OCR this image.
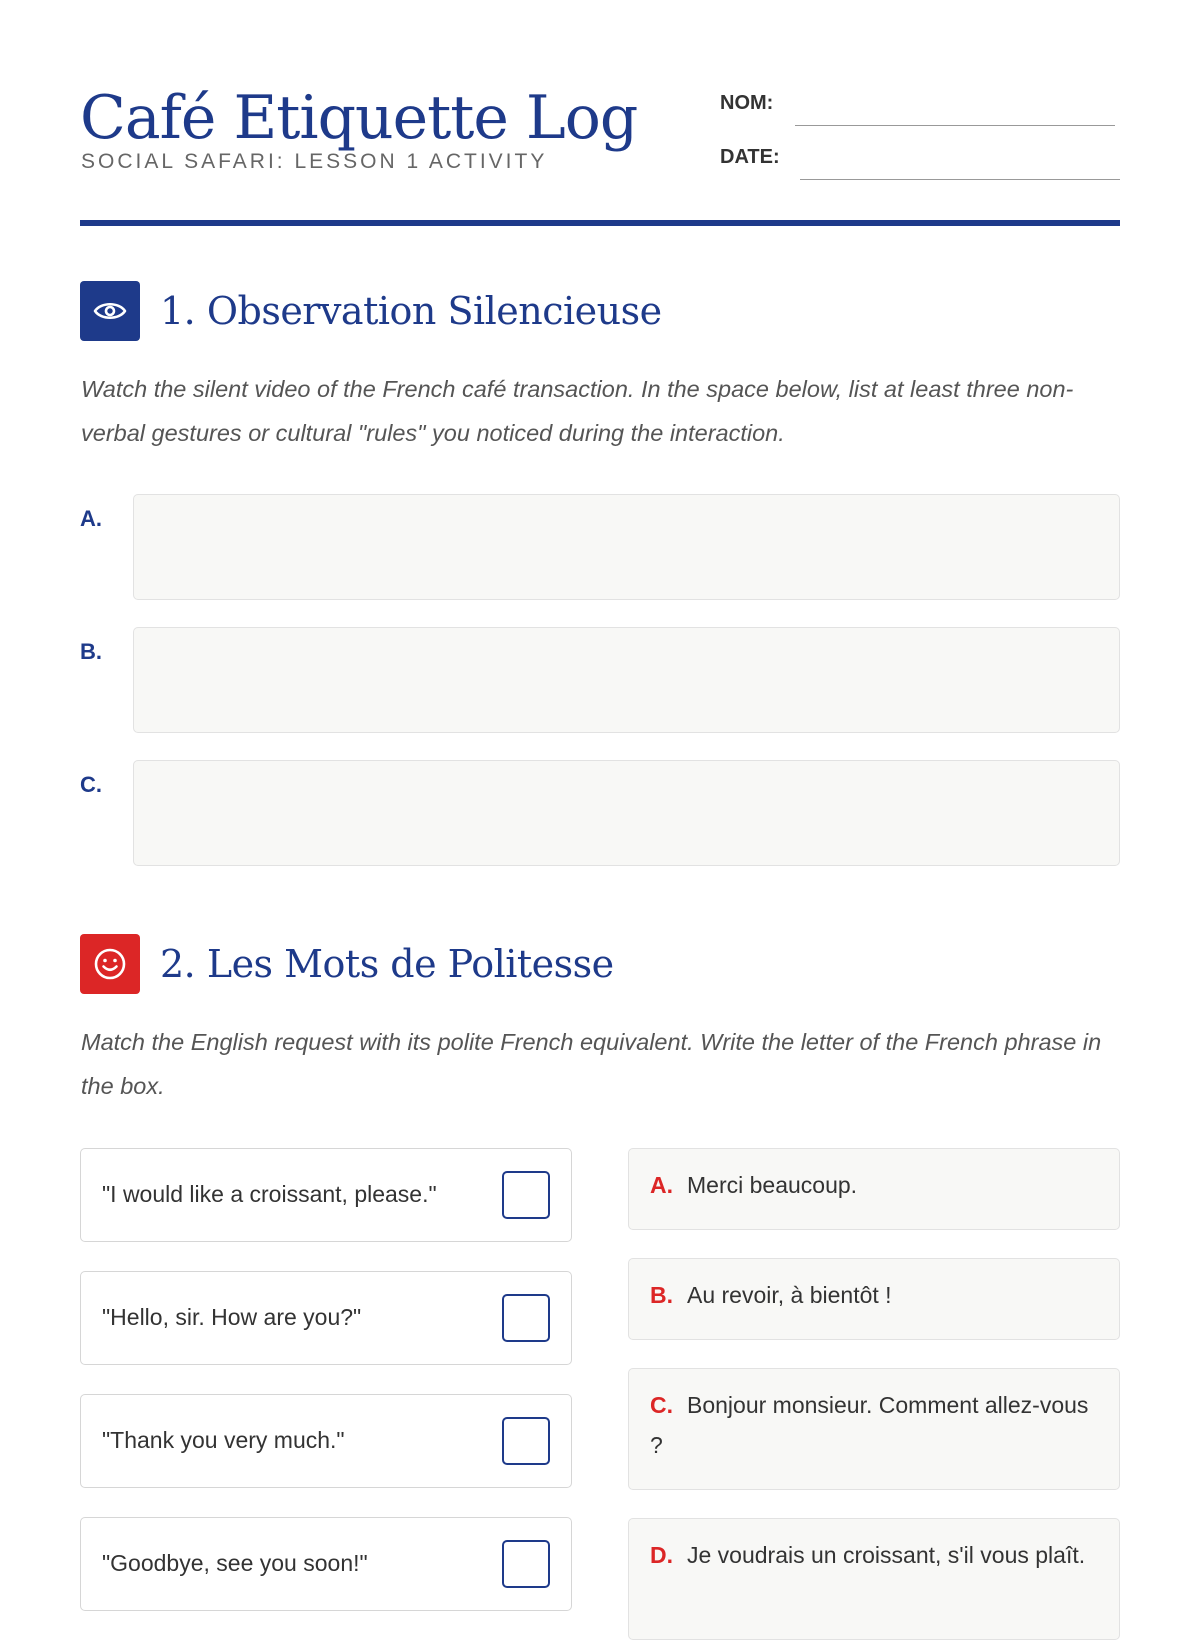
Café Etiquette Log
SOCIAL SAFARI: LESSON 1 ACTIVITY
NOM:
DATE:
1. Observation Silencieuse

Watch the silent video of the French café transaction. In the space below, list at least three non-verbal gestures or cultural "rules" you noticed during the interaction.

A.
B.
C.
2. Les Mots de Politesse

Match the English request with its polite French equivalent. Write the letter of the French phrase in the box.

"I would like a croissant, please."
"Hello, sir. How are you?"
"Thank you very much."
"Goodbye, see you soon!"
A. Merci beaucoup.
B. Au revoir, à bientôt !
C. Bonjour monsieur. Comment allez-vous ?
D. Je voudrais un croissant, s'il vous plaît.
